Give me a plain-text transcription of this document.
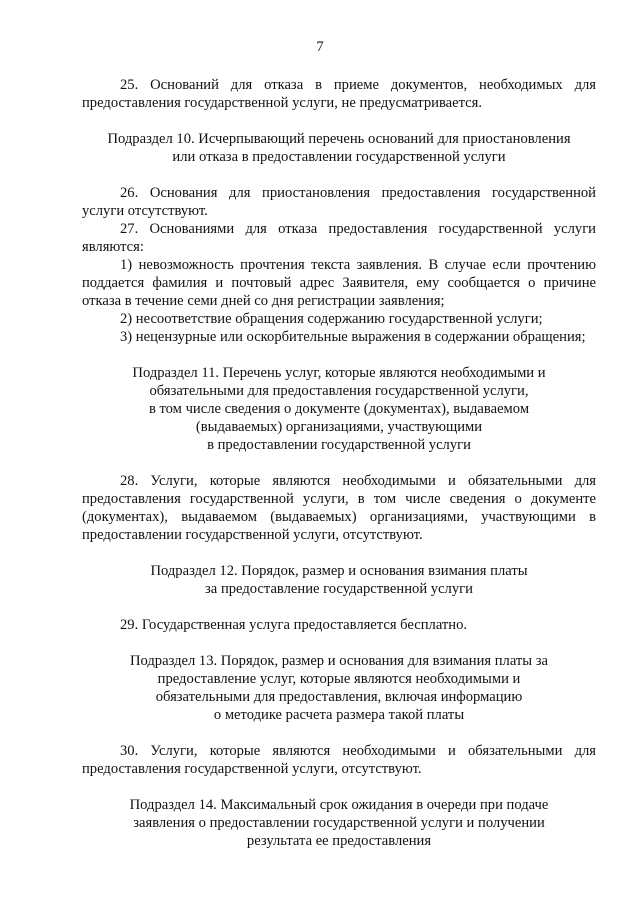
7

25. Оснований для отказа в приеме документов, необходимых для предоставления государственной услуги, не предусматривается.

Подраздел 10. Исчерпывающий перечень оснований для приостановления
или отказа в предоставлении государственной услуги

26. Основания для приостановления предоставления государственной услуги отсутствуют.

27. Основаниями для отказа предоставления государственной услуги являются:

1) невозможность прочтения текста заявления. В случае если прочтению поддается фамилия и почтовый адрес Заявителя, ему сообщается о причине отказа в течение семи дней со дня регистрации заявления;

2) несоответствие обращения содержанию государственной услуги;

3) нецензурные или оскорбительные выражения в содержании обращения;

Подраздел 11. Перечень услуг, которые являются необходимыми и
обязательными для предоставления государственной услуги,
в том числе сведения о документе (документах), выдаваемом
(выдаваемых) организациями, участвующими
в предоставлении государственной услуги

28. Услуги, которые являются необходимыми и обязательными для предоставления государственной услуги, в том числе сведения о документе (документах), выдаваемом (выдаваемых) организациями, участвующими в предоставлении государственной услуги, отсутствуют.

Подраздел 12. Порядок, размер и основания взимания платы
за предоставление государственной услуги

29. Государственная услуга предоставляется бесплатно.

Подраздел 13. Порядок, размер и основания для взимания платы за
предоставление услуг, которые являются необходимыми и
обязательными для предоставления, включая информацию
о методике расчета размера такой платы

30. Услуги, которые являются необходимыми и обязательными для предоставления государственной услуги, отсутствуют.

Подраздел 14. Максимальный срок ожидания в очереди при подаче
заявления о предоставлении государственной услуги и получении
результата ее предоставления
